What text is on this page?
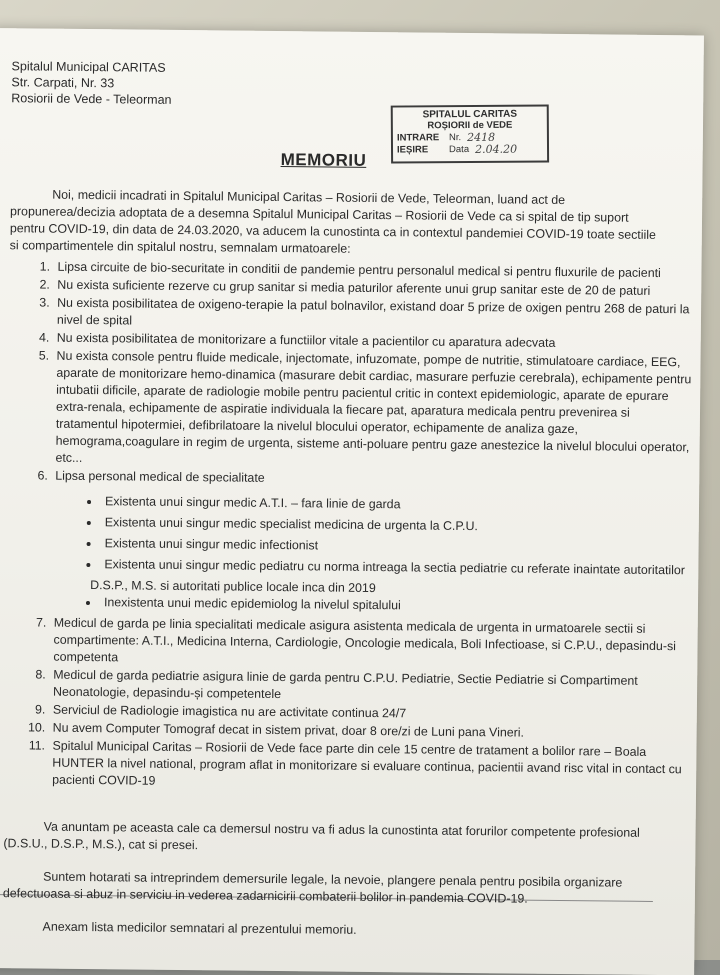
Spitalul Municipal CARITAS

Str. Carpati, Nr. 33

Rosiorii de Vede - Teleorman

SPITALUL CARITAS
ROȘIORII de VEDE
INTRARE	Nr. 2418
IEȘIRE	Data 2.04.20
MEMORIU

Noi, medicii incadrati in Spitalul Municipal Caritas – Rosiorii de Vede, Teleorman, luand act de propunerea/decizia adoptata de a desemna Spitalul Municipal Caritas – Rosiorii de Vede ca si spital de tip suport pentru COVID-19, din data de 24.03.2020, va aducem la cunostinta ca in contextul pandemiei COVID-19 toate sectiile si compartimentele din spitalul nostru, semnalam urmatoarele:

1. Lipsa circuite de bio-securitate in conditii de pandemie pentru personalul medical si pentru fluxurile de pacienti
2. Nu exista suficiente rezerve cu grup sanitar si media paturilor aferente unui grup sanitar este de 20 de paturi
3. Nu exista posibilitatea de oxigeno-terapie la patul bolnavilor, existand doar 5 prize de oxigen pentru 268 de paturi la nivel de spital
4. Nu exista posibilitatea de monitorizare a functiilor vitale a pacientilor cu aparatura adecvata
5. Nu exista console pentru fluide medicale, injectomate, infuzomate, pompe de nutritie, stimulatoare cardiace, EEG, aparate de monitorizare hemo-dinamica (masurare debit cardiac, masurare perfuzie cerebrala), echipamente pentru intubatii dificile, aparate de radiologie mobile pentru pacientul critic in context epidemiologic, aparate de epurare extra-renala, echipamente de aspiratie individuala la fiecare pat, aparatura medicala pentru prevenirea si tratamentul hipotermiei, defibrilatoare la nivelul blocului operator, echipamente de analiza gaze, hemograma,coagulare in regim de urgenta, sisteme anti-poluare pentru gaze anestezice la nivelul blocului operator, etc...
6. Lipsa personal medical de specialitate
• Existenta unui singur medic A.T.I. – fara linie de garda
• Existenta unui singur medic specialist medicina de urgenta la C.P.U.
• Existenta unui singur medic infectionist
• Existenta unui singur medic pediatru cu norma intreaga la sectia pediatrie cu referate inaintate autoritatilor

D.S.P., M.S. si autoritati publice locale inca din 2019

• Inexistenta unui medic epidemiolog la nivelul spitalului
7. Medicul de garda pe linia specialitati medicale asigura asistenta medicala de urgenta in urmatoarele sectii si compartimente: A.T.I., Medicina Interna, Cardiologie, Oncologie medicala, Boli Infectioase, si C.P.U., depasindu-si competenta
8. Medicul de garda pediatrie asigura linie de garda pentru C.P.U. Pediatrie, Sectie Pediatrie si Compartiment Neonatologie, depasindu-și competentele
9. Serviciul de Radiologie imagistica nu are activitate continua 24/7
10. Nu avem Computer Tomograf decat in sistem privat, doar 8 ore/zi de Luni pana Vineri.
11. Spitalul Municipal Caritas – Rosiorii de Vede face parte din cele 15 centre de tratament a bolilor rare – Boala HUNTER la nivel national, program aflat in monitorizare si evaluare continua, pacientii avand risc vital in contact cu pacienti COVID-19

Va anuntam pe aceasta cale ca demersul nostru va fi adus la cunostinta atat forurilor competente profesional (D.S.U., D.S.P., M.S.), cat si presei.

Suntem hotarati sa intreprindem demersurile legale, la nevoie, plangere penala pentru posibila organizare defectuoasa si abuz in serviciu in vederea zadarnicirii combaterii bolilor in pandemia COVID-19.

Anexam lista medicilor semnatari al prezentului memoriu.
